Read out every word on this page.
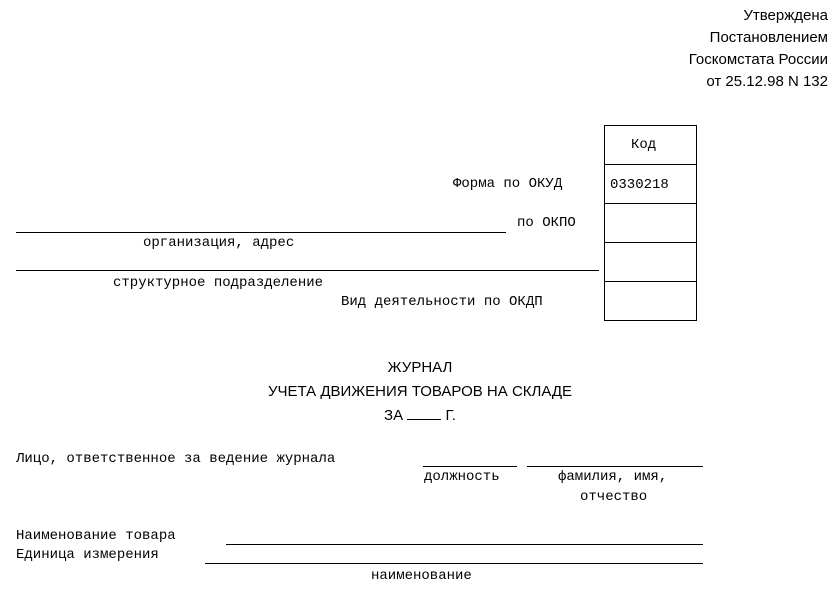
Утверждена
Постановлением
Госкомстата России
от 25.12.98 N 132
Код
0330218
Форма по ОКУД
по ОКПО
организация, адрес
структурное подразделение
Вид деятельности по ОКДП
ЖУРНАЛ
УЧЕТА ДВИЖЕНИЯ ТОВАРОВ НА СКЛАДЕ
ЗА	Г.
Лицо, ответственное за ведение журнала
должность	фамилия, имя,
отчество
Наименование товара
Единица измерения
наименование
